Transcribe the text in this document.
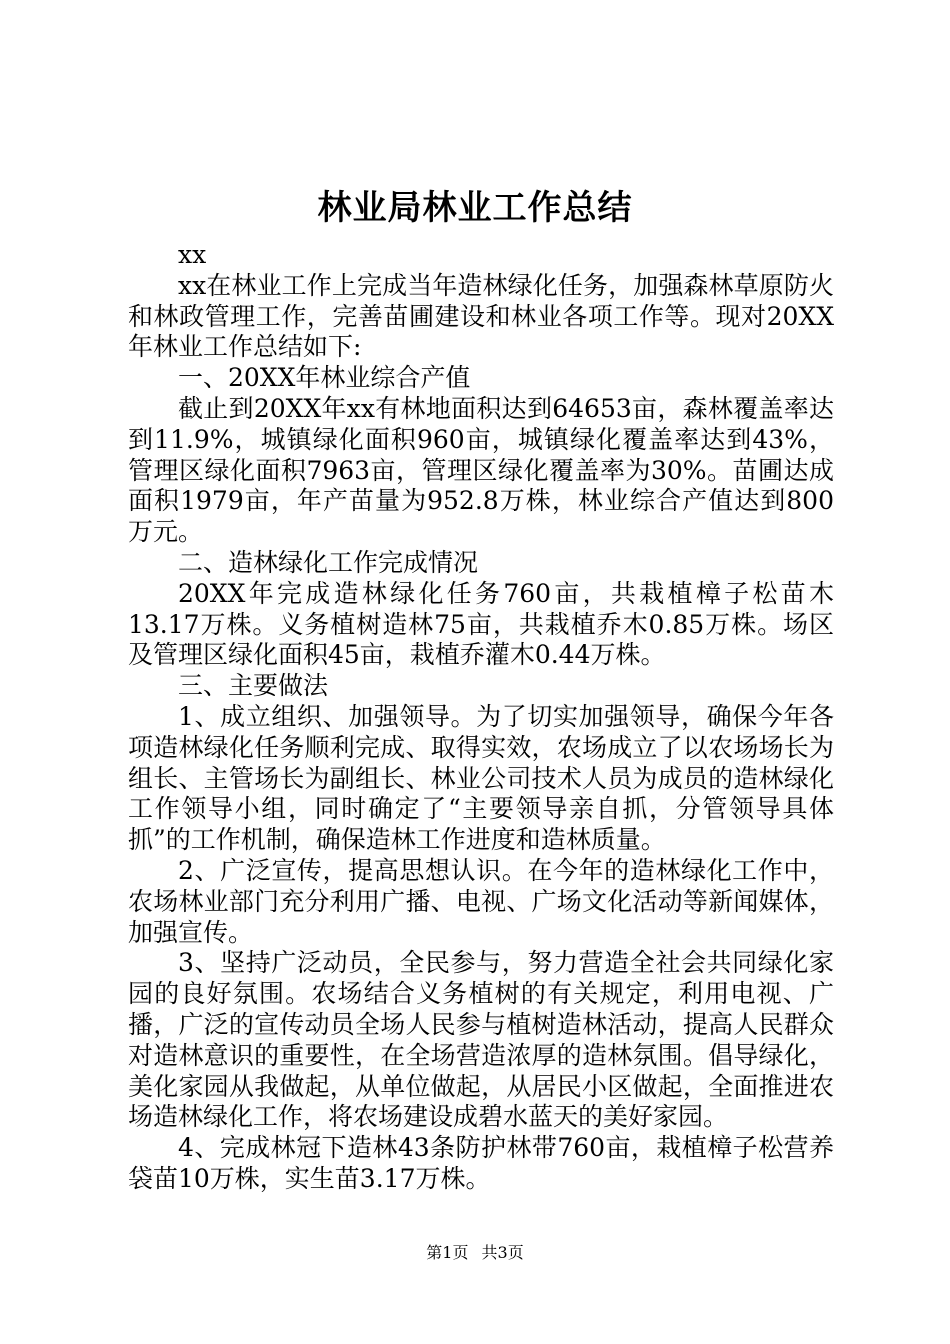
林业局林业工作总结

xx

xx在林业工作上完成当年造林绿化任务，加强森林草原防火和林政管理工作，完善苗圃建设和林业各项工作等。现对20XX年林业工作总结如下:

一、20XX年林业综合产值

截止到20XX年xx有林地面积达到64653亩，森林覆盖率达到11.9%，城镇绿化面积960亩，城镇绿化覆盖率达到43%，管理区绿化面积7963亩，管理区绿化覆盖率为30%。苗圃达成面积1979亩，年产苗量为952.8万株，林业综合产值达到800万元。

二、造林绿化工作完成情况

20XX年完成造林绿化任务760亩，共栽植樟子松苗木13.17万株。义务植树造林75亩，共栽植乔木0.85万株。场区及管理区绿化面积45亩，栽植乔灌木0.44万株。

三、主要做法

1、成立组织、加强领导。为了切实加强领导，确保今年各项造林绿化任务顺利完成、取得实效，农场成立了以农场场长为组长、主管场长为副组长、林业公司技术人员为成员的造林绿化工作领导小组，同时确定了“主要领导亲自抓，分管领导具体抓”的工作机制，确保造林工作进度和造林质量。

2、广泛宣传，提高思想认识。在今年的造林绿化工作中，农场林业部门充分利用广播、电视、广场文化活动等新闻媒体，加强宣传。

3、坚持广泛动员，全民参与，努力营造全社会共同绿化家园的良好氛围。农场结合义务植树的有关规定，利用电视、广播，广泛的宣传动员全场人民参与植树造林活动，提高人民群众对造林意识的重要性，在全场营造浓厚的造林氛围。倡导绿化，美化家园从我做起，从单位做起，从居民小区做起，全面推进农场造林绿化工作，将农场建设成碧水蓝天的美好家园。

4、完成林冠下造林43条防护林带760亩，栽植樟子松营养袋苗10万株，实生苗3.17万株。

第1页 共3页
